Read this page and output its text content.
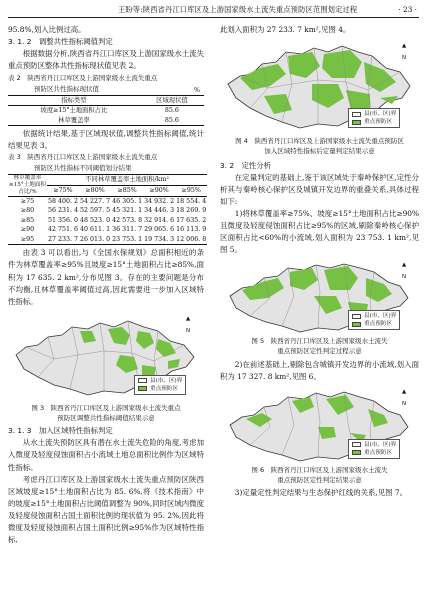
王盼等:陕西省丹江口库区及上游国家级水土流失重点预防区范围划定过程	· 23 ·
95.8%,划入比例过高。
3. 1. 2　调整共性指标阈值判定
根据数据分析,陕西省丹江口库区及上游国家级水土流失重点预防区整体共性指标现状值见表 2。
表 2　陕西省丹江口库区及上游国家级水土流失重点
预防区共性指标现状值	%
指标类型	区域现状值
坡度≥15°土地面积占比	85.6
林草覆盖率	85.6
依据统计结果,基于区域现状值,调整共性指标阈值,统计结果见表 3。
表 3　陕西省丹江口库区及上游国家级水土流失重点
预防区共性指标不同阈值划分结果
林草覆盖率
≥15°土地面积
占比/%	不同林草覆盖率土地面积/km²				
	≥75%	≥80%	≥85%	≥90%	≥95%
≥75	58 400. 2	54 227. 7	46 305. 1	34 932. 2	18 554. 4
≥80	56 231. 4	52 597. 5	45 321. 1	34 446. 3	18 269. 9
≥85	51 356. 0	48 523. 0	42 573. 8	32 914. 6	17 635. 2
≥90	42 751. 6	40 611. 1	36 311. 7	29 065. 6	16 113. 9
≥95	27 233. 7	26 013. 0	23 753. 1	19 734. 3	12 006. 8
由表 3 可以看出,与《全国水保规划》总面积相近的条件为林草覆盖率≥95%且坡度≥15°土地面积占比≥85%,面积为 17 635. 2 km²,分布见图 3。存在的主要问题是分布不均衡,且林草覆盖率阈值过高,因此需要进一步加入区域特性指标。
▲
N
县(市、区)界
重点预防区
图 3　陕西省丹江口库区及上游国家级水土流失重点
预防区调整共性指标阈值结果示意
3. 1. 3　加入区域特性指标判定
从水土流失预防区具有潜在水土流失危险的角度,考虑加入微度及轻度侵蚀面积占小流域土地总面积比例作为区域特性指标。
考虑丹江口库区及上游国家级水土流失重点预防区陕西区域坡度≥15°土地面积占比为 85. 6%,将《技术指南》中的坡度≥15°土地面积占比阈值调整为 90%,同时区域内微度及轻度侵蚀面积占国土面积比例的现状值为 95. 2%,因此将微度及轻度侵蚀面积占国土面积比例≥95%作为区域特性指标,
此划入面积为 27 233. 7 km²,见图 4。
▲
N
县(市、区)界
重点预防区
图 4　陕西省丹江口库区及上游国家级水土流失重点预防区
加入区域特性指标后定量判定结果示意
3. 2　定性分析
在定量判定的基础上,鉴于该区域处于秦岭保护区,定性分析其与秦岭核心保护区及城镇开发边界的重叠关系,具体过程如下:
1)将林草覆盖率≥75%、坡度≥15°土地面积占比≥90%且微度及轻度侵蚀面积占比≥95%的区域,刷除秦岭核心保护区面积占比<60%的小流域,划入面积为 23 753. 1 km²,见图 5。
▲
N
县(市、区)界
重点预防区
图 5　陕西省丹江口库区及上游国家级水土流失
重点预防区定性判定过程示意
2)在前述基础上,剔除包含城镇开发边界的小流域,划入面积为 17 327. 8 km²,见图 6。
▲
N
县(市、区)界
重点预防区
图 6　陕西省丹江口库区及上游国家级水土流失
重点预防区定性判定结果示意
3)定量定性判定结果与生态保护红线的关系,见图 7。
